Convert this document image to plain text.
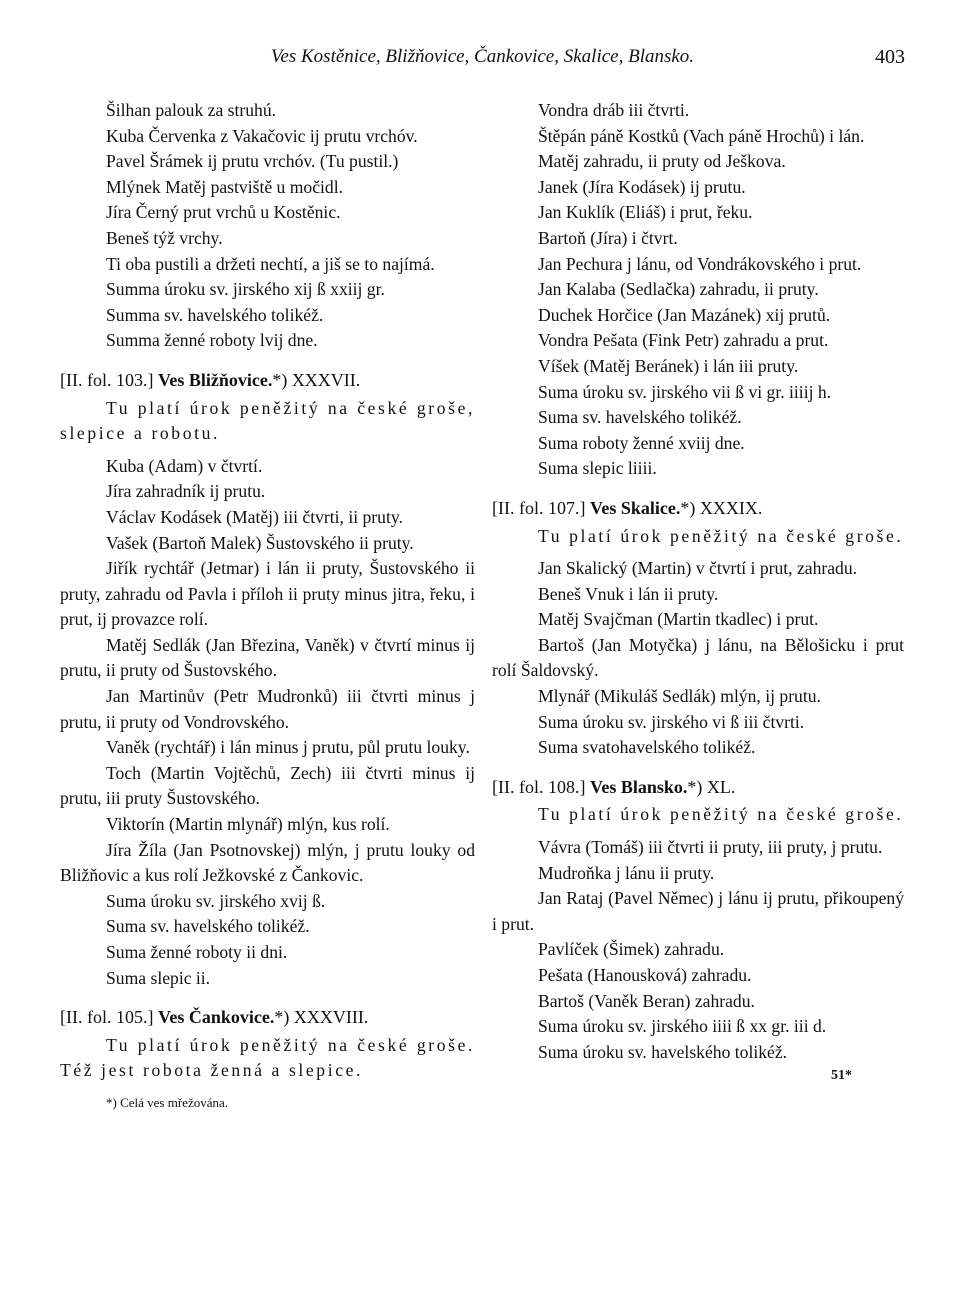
Ves Kostěnice, Bližňovice, Čankovice, Skalice, Blansko.	403

Šilhan palouk za struhú.

Kuba Červenka z Vakačovic iј prutu vrchóv.

Pavel Šrámek iј prutu vrchóv. (Tu pustil.)

Mlýnek Matěj pastviště u močidl.

Jíra Černý prut vrchů u Kostěnic.

Beneš týž vrchy.

Ti oba pustili a držeti nechtí, a jiš se to najímá.

Summa úroku sv. jirského xiј ß xxiiј gr.

Summa sv. havelského tolikéž.

Summa ženné roboty lviј dne.

[II. fol. 103.] Ves Bližňovice.*) XXXVII.

Tu platí úrok peněžitý na české groše, slepice a robotu.

Kuba (Adam) v čtvrtí.

Jíra zahradník iј prutu.

Václav Kodásek (Matěj) iii čtvrti, ii pruty.

Vašek (Bartoň Malek) Šustovského ii pruty.

Jiřík rychtář (Jetmar) i lán ii pruty, Šustovského ii pruty, zahradu od Pavla i příloh ii pruty minus jitra, řeku, i prut, iј provazce rolí.

Matěj Sedlák (Jan Březina, Vaněk) v čtvrtí minus iј prutu, ii pruty od Šustovského.

Jan Martinův (Petr Mudronků) iii čtvrti minus ј prutu, ii pruty od Vondrovského.

Vaněk (rychtář) i lán minus ј prutu, půl prutu louky.

Toch (Martin Vojtěchů, Zech) iii čtvrti minus iј prutu, iii pruty Šustovského.

Viktorín (Martin mlynář) mlýn, kus rolí.

Jíra Žíla (Jan Psotnovskej) mlýn, ј prutu louky od Bližňovic a kus rolí Ježkovské z Čankovic.

Suma úroku sv. jirského xviј ß.

Suma sv. havelského tolikéž.

Suma ženné roboty ii dni.

Suma slepic ii.

[II. fol. 105.] Ves Čankovice.*) XXXVIII.

Tu platí úrok peněžitý na české groše. Též jest robota ženná a slepice.

*) Celá ves mřežována.

Vondra dráb iii čtvrti.

Štěpán páně Kostků (Vach páně Hrochů) i lán.

Matěj zahradu, ii pruty od Ješkova.

Janek (Jíra Kodásek) iј prutu.

Jan Kuklík (Eliáš) i prut, řeku.

Bartoň (Jíra) i čtvrt.

Jan Pechura ј lánu, od Vondrákovského i prut.

Jan Kalaba (Sedlačka) zahradu, ii pruty.

Duchek Horčice (Jan Mazánek) xiј prutů.

Vondra Pešata (Fink Petr) zahradu a prut.

Víšek (Matěj Beránek) i lán iii pruty.

Suma úroku sv. jirského vii ß vi gr. iiiiј h.

Suma sv. havelského tolikéž.

Suma roboty ženné xviiј dne.

Suma slepic liiii.

[II. fol. 107.] Ves Skalice.*) XXXIX.

Tu platí úrok peněžitý na české groše.

Jan Skalický (Martin) v čtvrtí i prut, zahradu.

Beneš Vnuk i lán ii pruty.

Matěj Svajčman (Martin tkadlec) i prut.

Bartoš (Jan Motyčka) ј lánu, na Bělošicku i prut rolí Šaldovský.

Mlynář (Mikuláš Sedlák) mlýn, iј prutu.

Suma úroku sv. jirského vi ß iii čtvrti.

Suma svatohavelského tolikéž.

[II. fol. 108.] Ves Blansko.*) XL.

Tu platí úrok peněžitý na české groše.

Vávra (Tomáš) iii čtvrti ii pruty, iii pruty, ј prutu.

Mudroňka ј lánu ii pruty.

Jan Rataj (Pavel Němec) ј lánu iј prutu, přikoupený i prut.

Pavlíček (Šimek) zahradu.

Pešata (Hanousková) zahradu.

Bartoš (Vaněk Beran) zahradu.

Suma úroku sv. jirského iiii ß xx gr. iii d.

Suma úroku sv. havelského tolikéž.

51*
